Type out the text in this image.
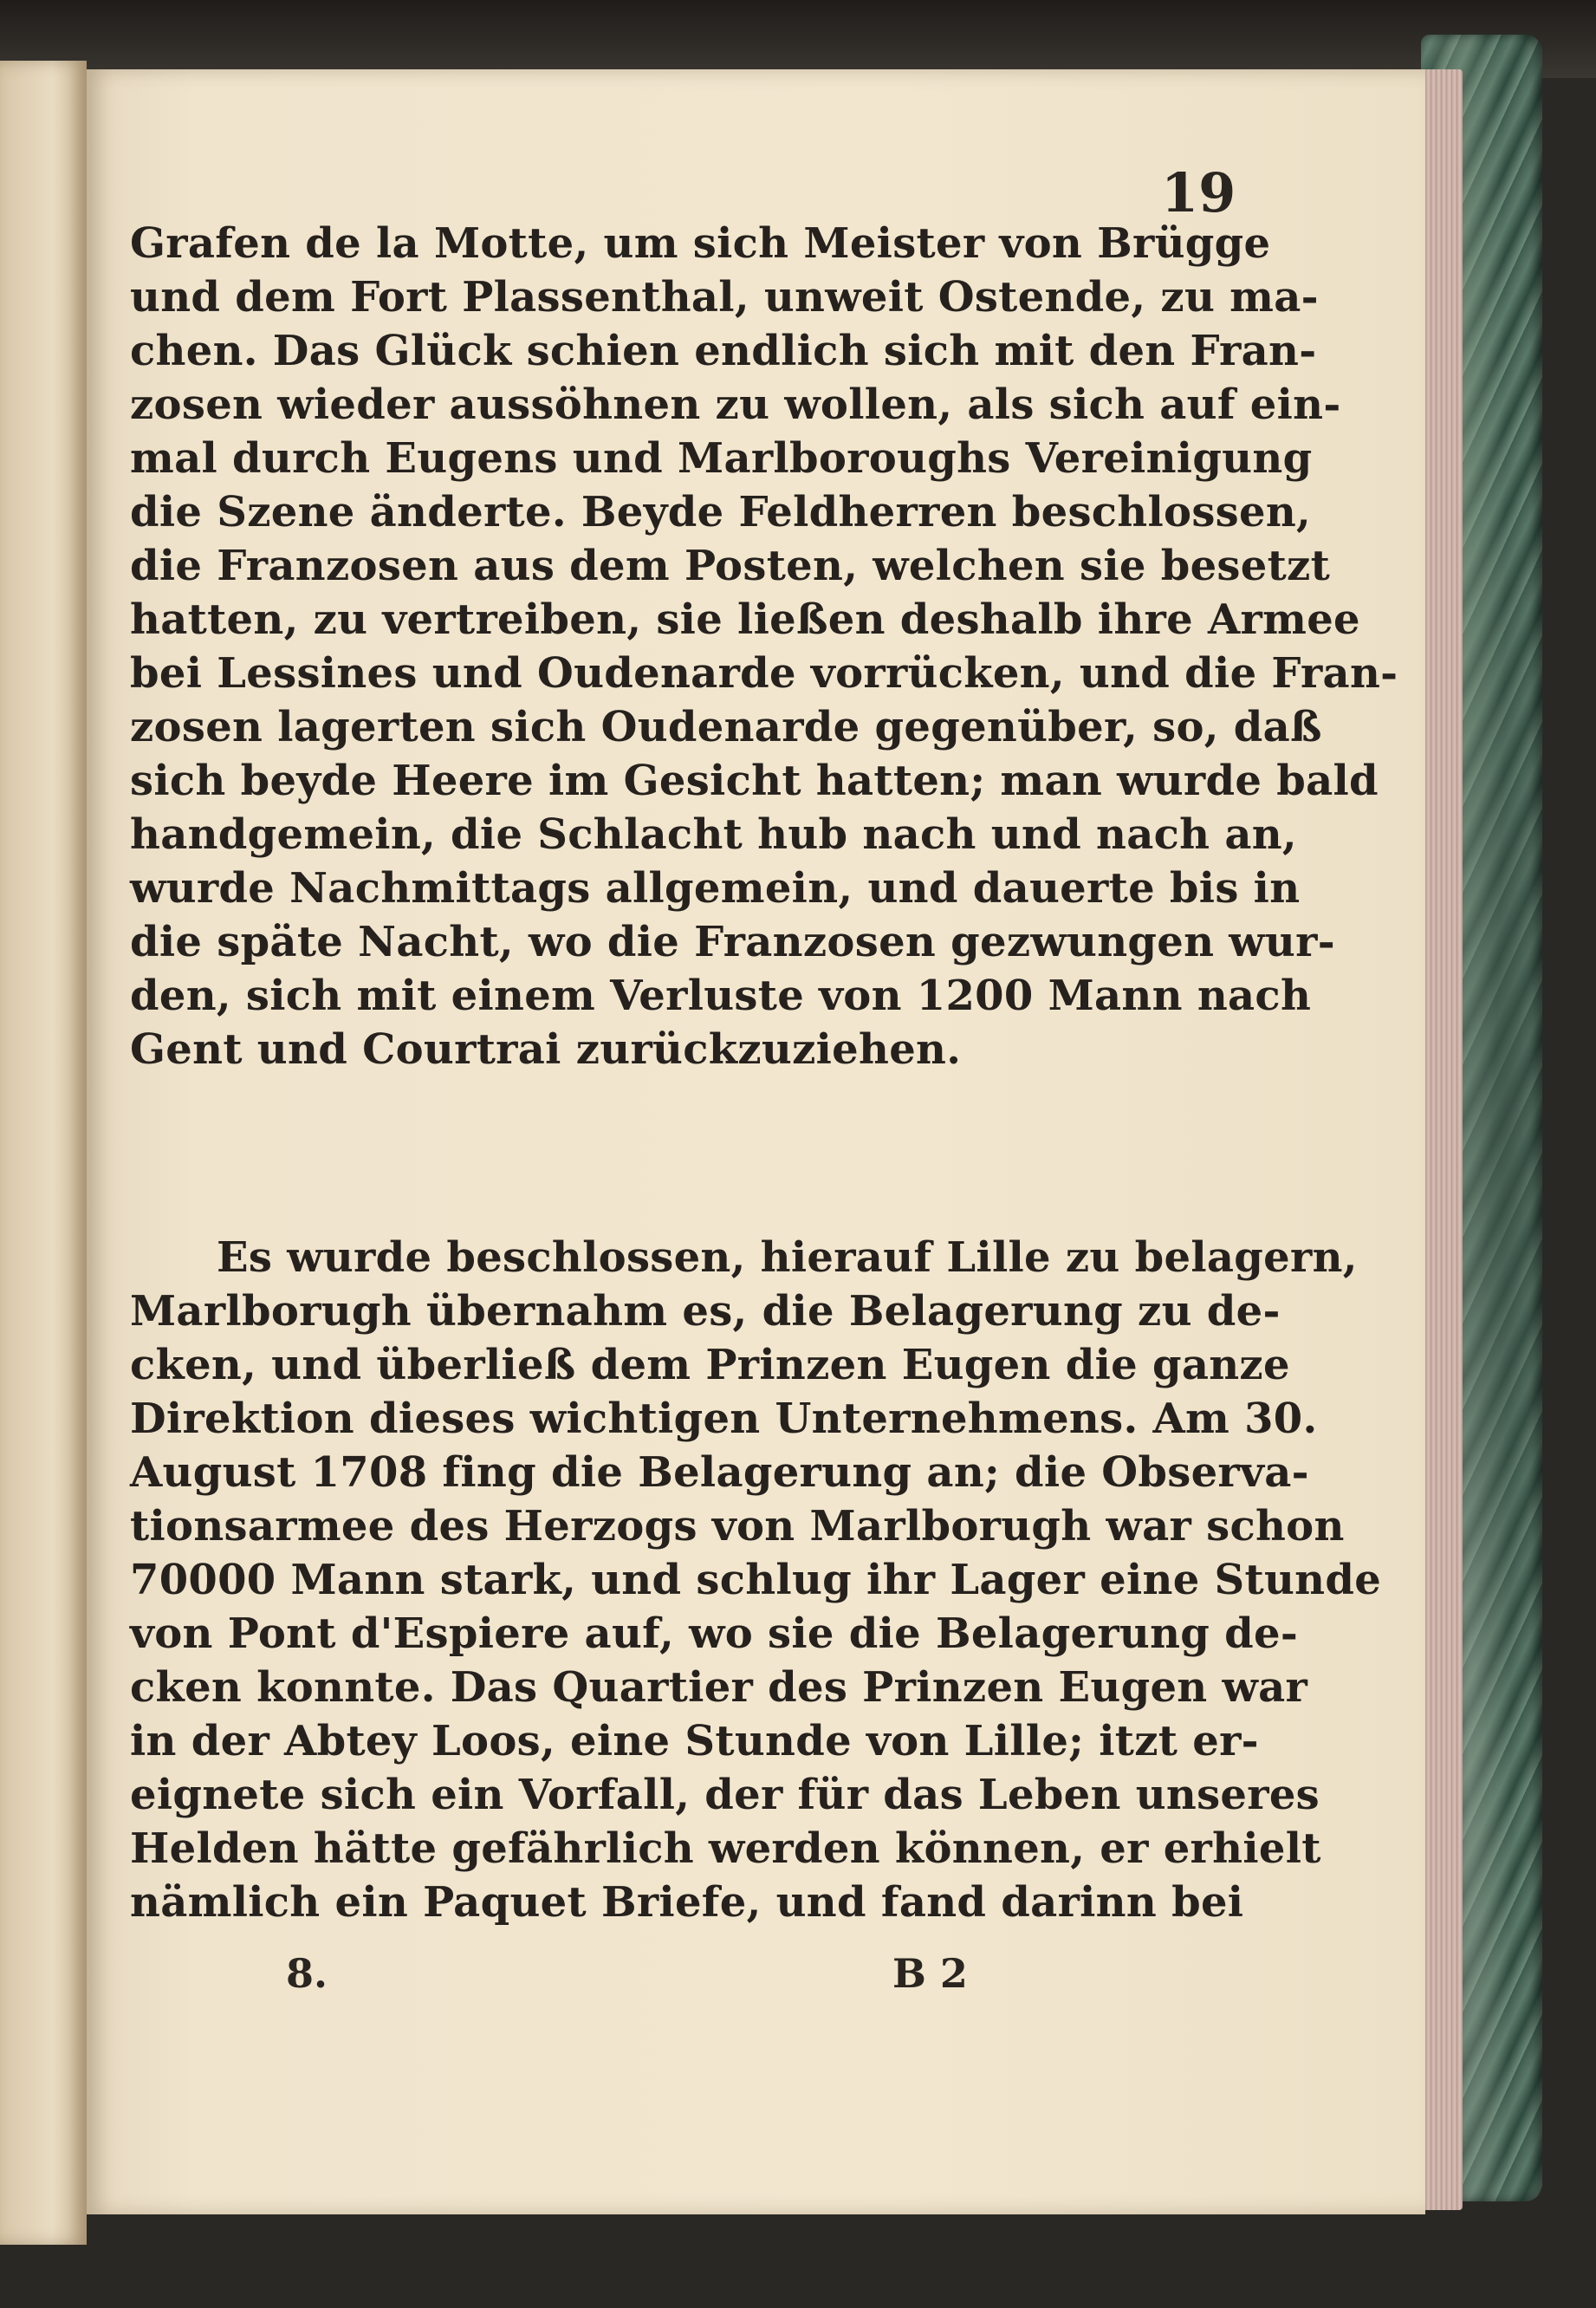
19
Grafen de la Motte, um sich Meister von Brügge
und dem Fort Plassenthal, unweit Ostende, zu ma-
chen. Das Glück schien endlich sich mit den Fran-
zosen wieder aussöhnen zu wollen, als sich auf ein-
mal durch Eugens und Marlboroughs Vereinigung
die Szene änderte. Beyde Feldherren beschlossen,
die Franzosen aus dem Posten, welchen sie besetzt
hatten, zu vertreiben, sie ließen deshalb ihre Armee
bei Lessines und Oudenarde vorrücken, und die Fran-
zosen lagerten sich Oudenarde gegenüber, so, daß
sich beyde Heere im Gesicht hatten; man wurde bald
handgemein, die Schlacht hub nach und nach an,
wurde Nachmittags allgemein, und dauerte bis in
die späte Nacht, wo die Franzosen gezwungen wur-
den, sich mit einem Verluste von 1200 Mann nach
Gent und Courtrai zurückzuziehen.
Es wurde beschlossen, hierauf Lille zu belagern,
Marlborugh übernahm es, die Belagerung zu de-
cken, und überließ dem Prinzen Eugen die ganze
Direktion dieses wichtigen Unternehmens. Am 30.
August 1708 fing die Belagerung an; die Observa-
tionsarmee des Herzogs von Marlborugh war schon
70000 Mann stark, und schlug ihr Lager eine Stunde
von Pont d'Espiere auf, wo sie die Belagerung de-
cken konnte. Das Quartier des Prinzen Eugen war
in der Abtey Loos, eine Stunde von Lille; itzt er-
eignete sich ein Vorfall, der für das Leben unseres
Helden hätte gefährlich werden können, er erhielt
nämlich ein Paquet Briefe, und fand darinn bei
8.	B 2
